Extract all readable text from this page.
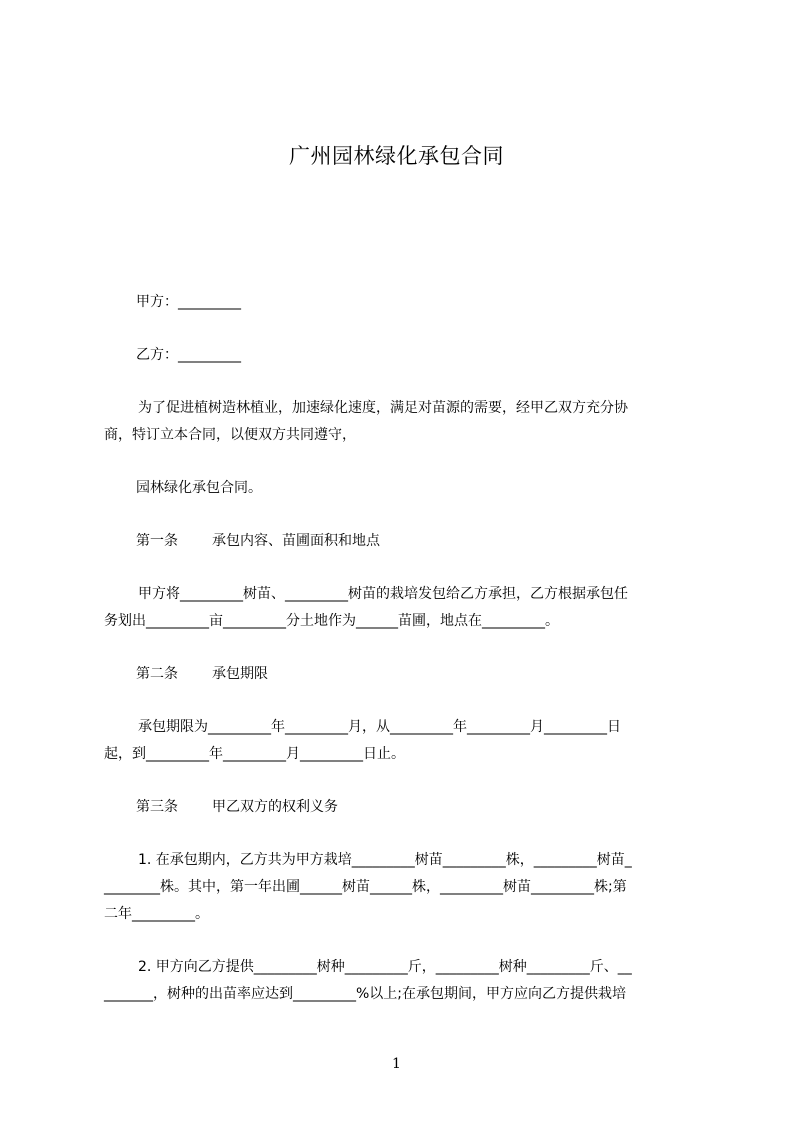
广州园林绿化承包合同
甲方：_________
乙方：_________
为了促进植树造林植业，加速绿化速度，满足对苗源的需要，经甲乙双方充分协
商，特订立本合同，以便双方共同遵守，
园林绿化承包合同。
第一条 承包内容、苗圃面积和地点
甲方将_________树苗、_________树苗的栽培发包给乙方承担，乙方根据承包任
务划出_________亩_________分土地作为______苗圃，地点在_________。
第二条 承包期限
承包期限为_________年_________月，从_________年_________月_________日
起，到_________年_________月_________日止。
第三条 甲乙双方的权利义务
1. 在承包期内，乙方共为甲方栽培_________树苗_________株，_________树苗_
________株。其中，第一年出圃______树苗______株，_________树苗_________株;第
二年_________。
2. 甲方向乙方提供_________树种_________斤，_________树种_________斤、__
_______，树种的出苗率应达到_________%以上;在承包期间，甲方应向乙方提供栽培
1
